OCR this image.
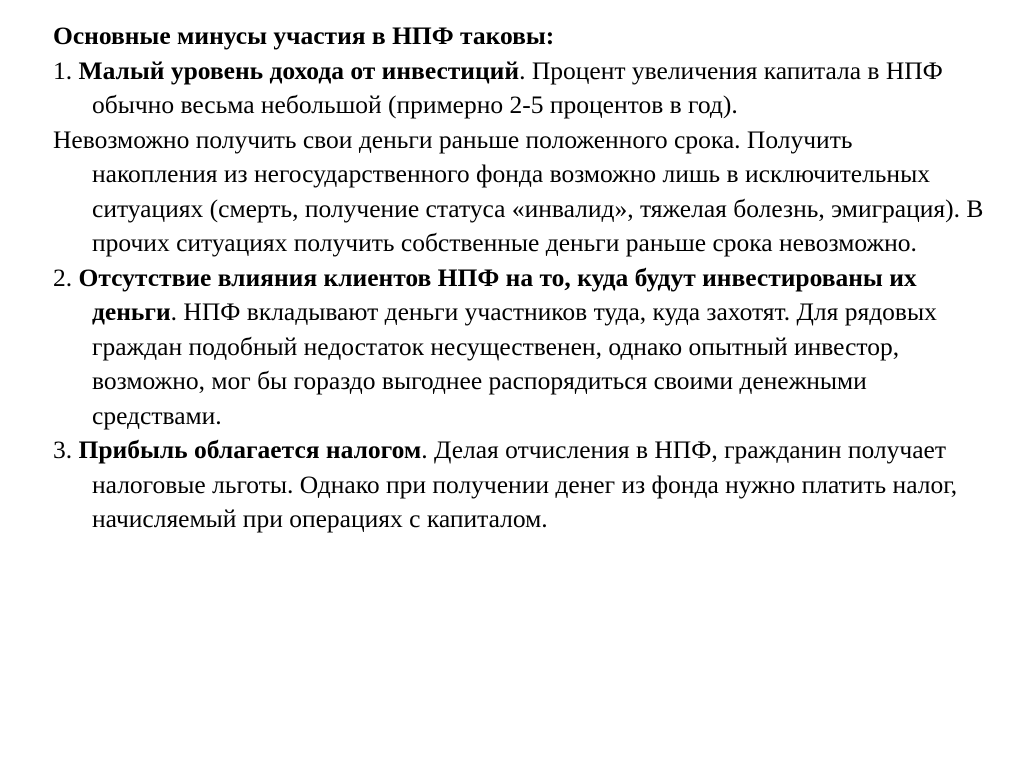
Основные минусы участия в НПФ таковы:

1. Малый уровень дохода от инвестиций. Процент увеличения капитала в НПФ обычно весьма небольшой (примерно 2-5 процентов в год).

Невозможно получить свои деньги раньше положенного срока. Получить накопления из негосударственного фонда возможно лишь в исключительных ситуациях (смерть, получение статуса «инвалид», тяжелая болезнь, эмиграция). В прочих ситуациях получить собственные деньги раньше срока невозможно.

2. Отсутствие влияния клиентов НПФ на то, куда будут инвестированы их деньги. НПФ вкладывают деньги участников туда, куда захотят. Для рядовых граждан подобный недостаток несущественен, однако опытный инвестор, возможно, мог бы гораздо выгоднее распорядиться своими денежными средствами.

3. Прибыль облагается налогом. Делая отчисления в НПФ, гражданин получает налоговые льготы. Однако при получении денег из фонда нужно платить налог, начисляемый при операциях с капиталом.
